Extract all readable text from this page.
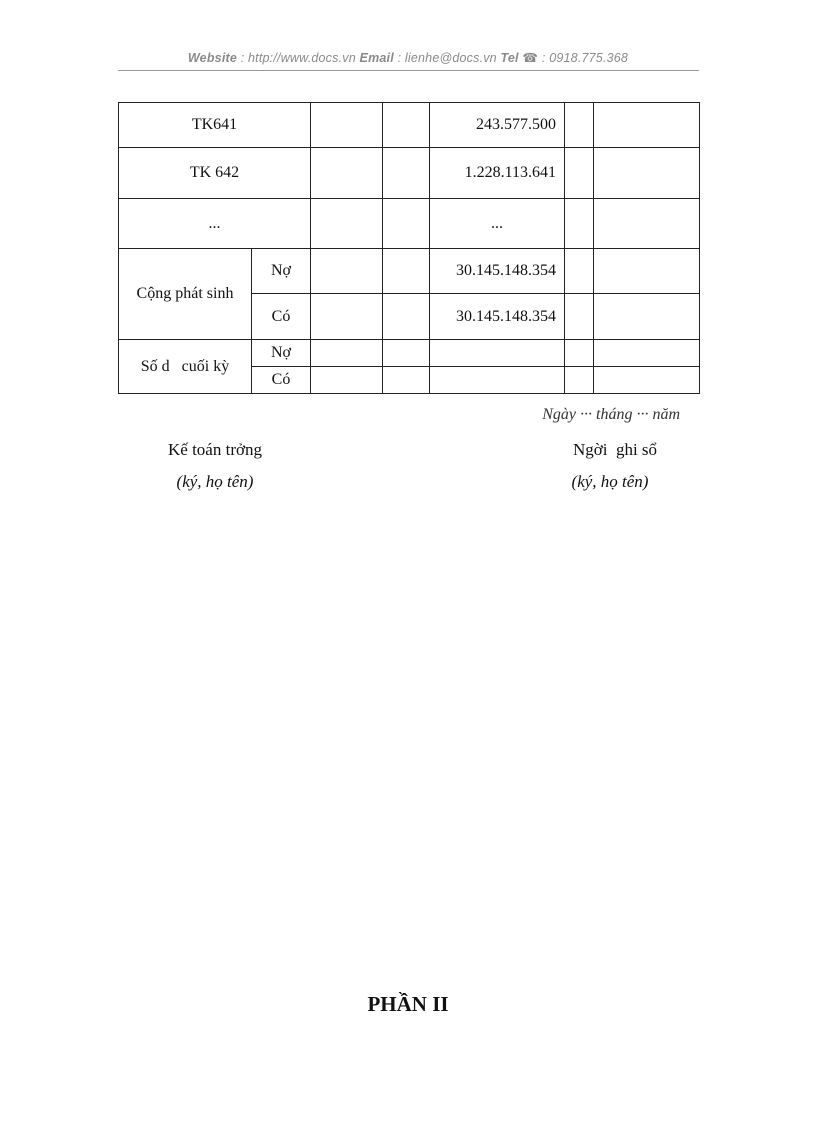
Website : http://www.docs.vn Email : lienhe@docs.vn Tel ☎ : 0918.775.368
TK641				243.577.500		
TK 642				1.228.113.641		
...				...		
Cộng phát sinh	Nợ			30.145.148.354		
	Có			30.145.148.354		
Số d   cuối kỳ	Nợ					
	Có					
Ngày ··· tháng ··· năm
Kế toán trởng
(ký, họ tên)
Ngời  ghi sổ
(ký, họ tên)
PHẦN II
